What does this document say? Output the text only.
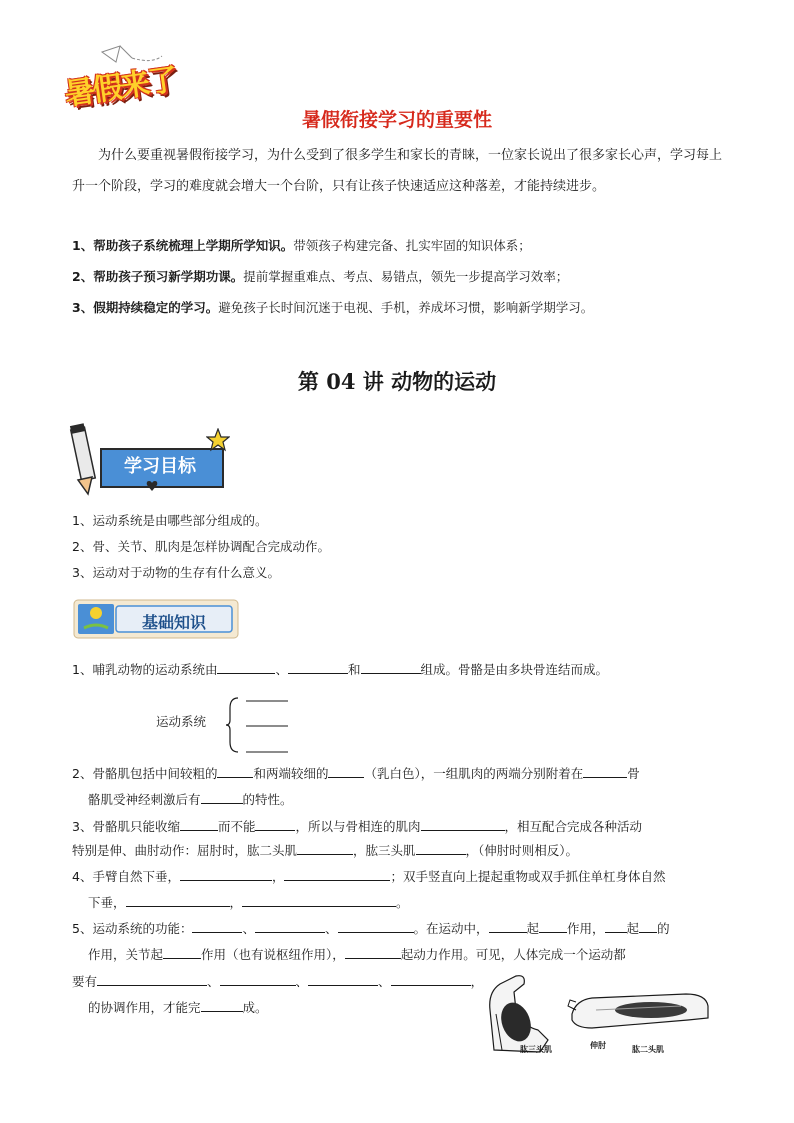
暑假来了
暑假衔接学习的重要性
为什么要重视暑假衔接学习，为什么受到了很多学生和家长的青睐，一位家长说出了很多家长心声，学习每上升一个阶段，学习的难度就会增大一个台阶，只有让孩子快速适应这种落差，才能持续进步。
1、帮助孩子系统梳理上学期所学知识。带领孩子构建完备、扎实牢固的知识体系；
2、帮助孩子预习新学期功课。提前掌握重难点、考点、易错点，领先一步提高学习效率；
3、假期持续稳定的学习。避免孩子长时间沉迷于电视、手机，养成坏习惯，影响新学期学习。
第 04 讲 动物的运动
学习目标
1、运动系统是由哪些部分组成的。
2、骨、关节、肌肉是怎样协调配合完成动作。
3、运动对于动物的生存有什么意义。
基础知识
1、哺乳动物的运动系统由	、	和	组成。骨骼是由多块骨连结而成。
运动系统
2、骨骼肌包括中间较粗的	和两端较细的	（乳白色），一组肌肉的两端分别附着在	骨
骼肌受神经刺激后有	的特性。
3、骨骼肌只能收缩	而不能	，所以与骨相连的肌肉	，相互配合完成各种活动
特别是伸、曲肘动作：屈肘时，肱二头肌	，肱三头肌	，（伸肘时则相反）。
4、手臂自然下垂，	，	；双手竖直向上提起重物或双手抓住单杠身体自然
下垂，	，	。
5、运动系统的功能：	、	、	。在运动中，	起 作用， 起 的
作用，关节起	作用（也有说枢纽作用），	起动力作用。可见，人体完成一个运动都
要有	、	、	、	，
的协调作用，才能完	成。
肱三头肌	伸肘	肱二头肌
